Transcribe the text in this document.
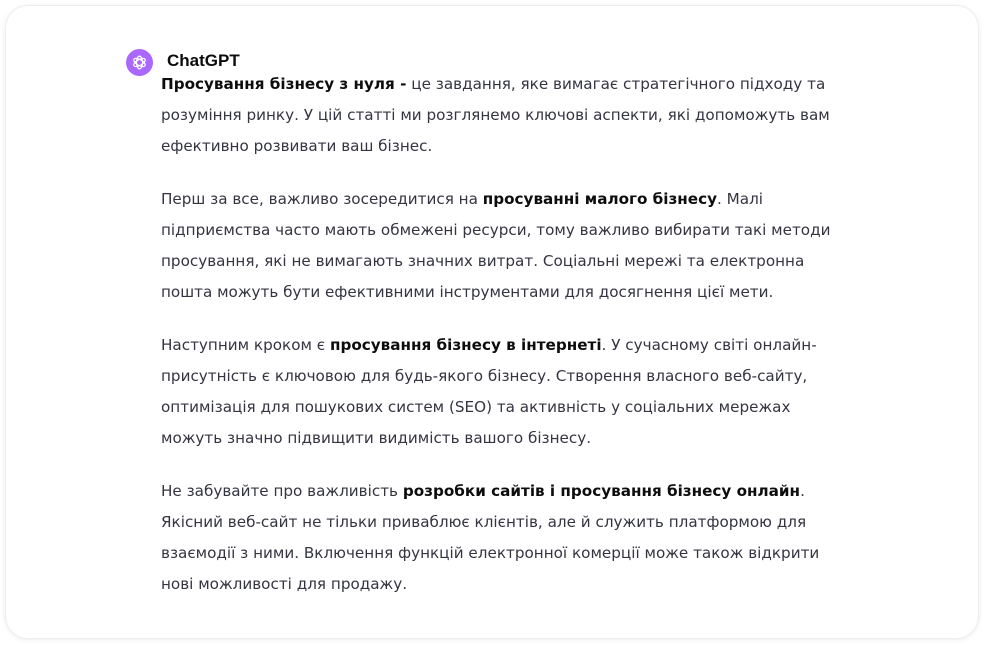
ChatGPT

Просування бізнесу з нуля - це завдання, яке вимагає стратегічного підходу та розуміння ринку. У цій статті ми розглянемо ключові аспекти, які допоможуть вам ефективно розвивати ваш бізнес.

Перш за все, важливо зосередитися на просуванні малого бізнесу. Малі підприємства часто мають обмежені ресурси, тому важливо вибирати такі методи просування, які не вимагають значних витрат. Соціальні мережі та електронна пошта можуть бути ефективними інструментами для досягнення цієї мети.

Наступним кроком є просування бізнесу в інтернеті. У сучасному світі онлайн-присутність є ключовою для будь-якого бізнесу. Створення власного веб-сайту, оптимізація для пошукових систем (SEO) та активність у соціальних мережах можуть значно підвищити видимість вашого бізнесу.

Не забувайте про важливість розробки сайтів і просування бізнесу онлайн. Якісний веб-сайт не тільки приваблює клієнтів, але й служить платформою для взаємодії з ними. Включення функцій електронної комерції може також відкрити нові можливості для продажу.
